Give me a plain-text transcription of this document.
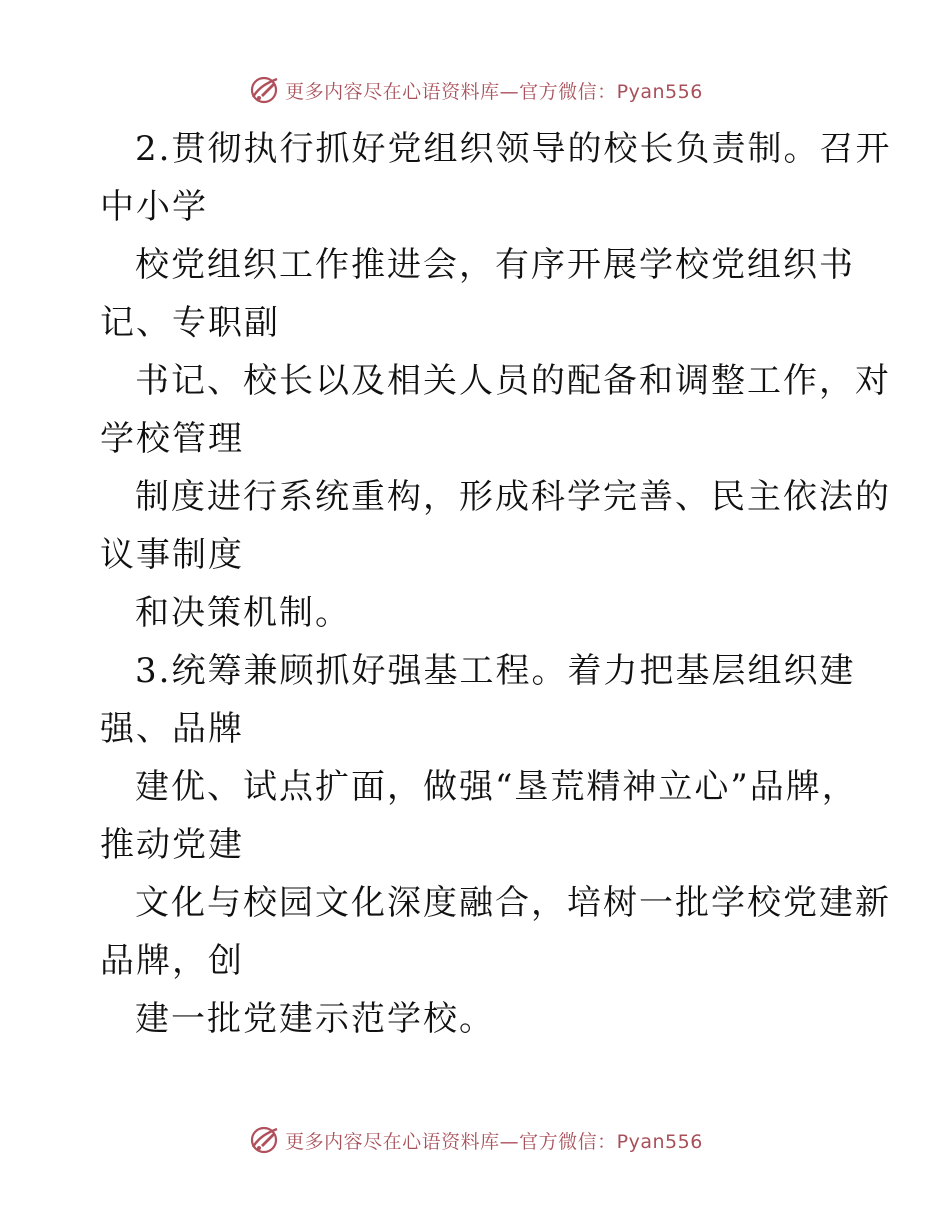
更多内容尽在心语资料库—官方微信：Pyan556
2.贯彻执行抓好党组织领导的校长负责制。召开
中小学
校党组织工作推进会，有序开展学校党组织书
记、专职副
书记、校长以及相关人员的配备和调整工作，对
学校管理
制度进行系统重构，形成科学完善、民主依法的
议事制度
和决策机制。
3.统筹兼顾抓好强基工程。着力把基层组织建
强、品牌
建优、试点扩面，做强“垦荒精神立心”品牌，
推动党建
文化与校园文化深度融合，培树一批学校党建新
品牌，创
建一批党建示范学校。
更多内容尽在心语资料库—官方微信：Pyan556
